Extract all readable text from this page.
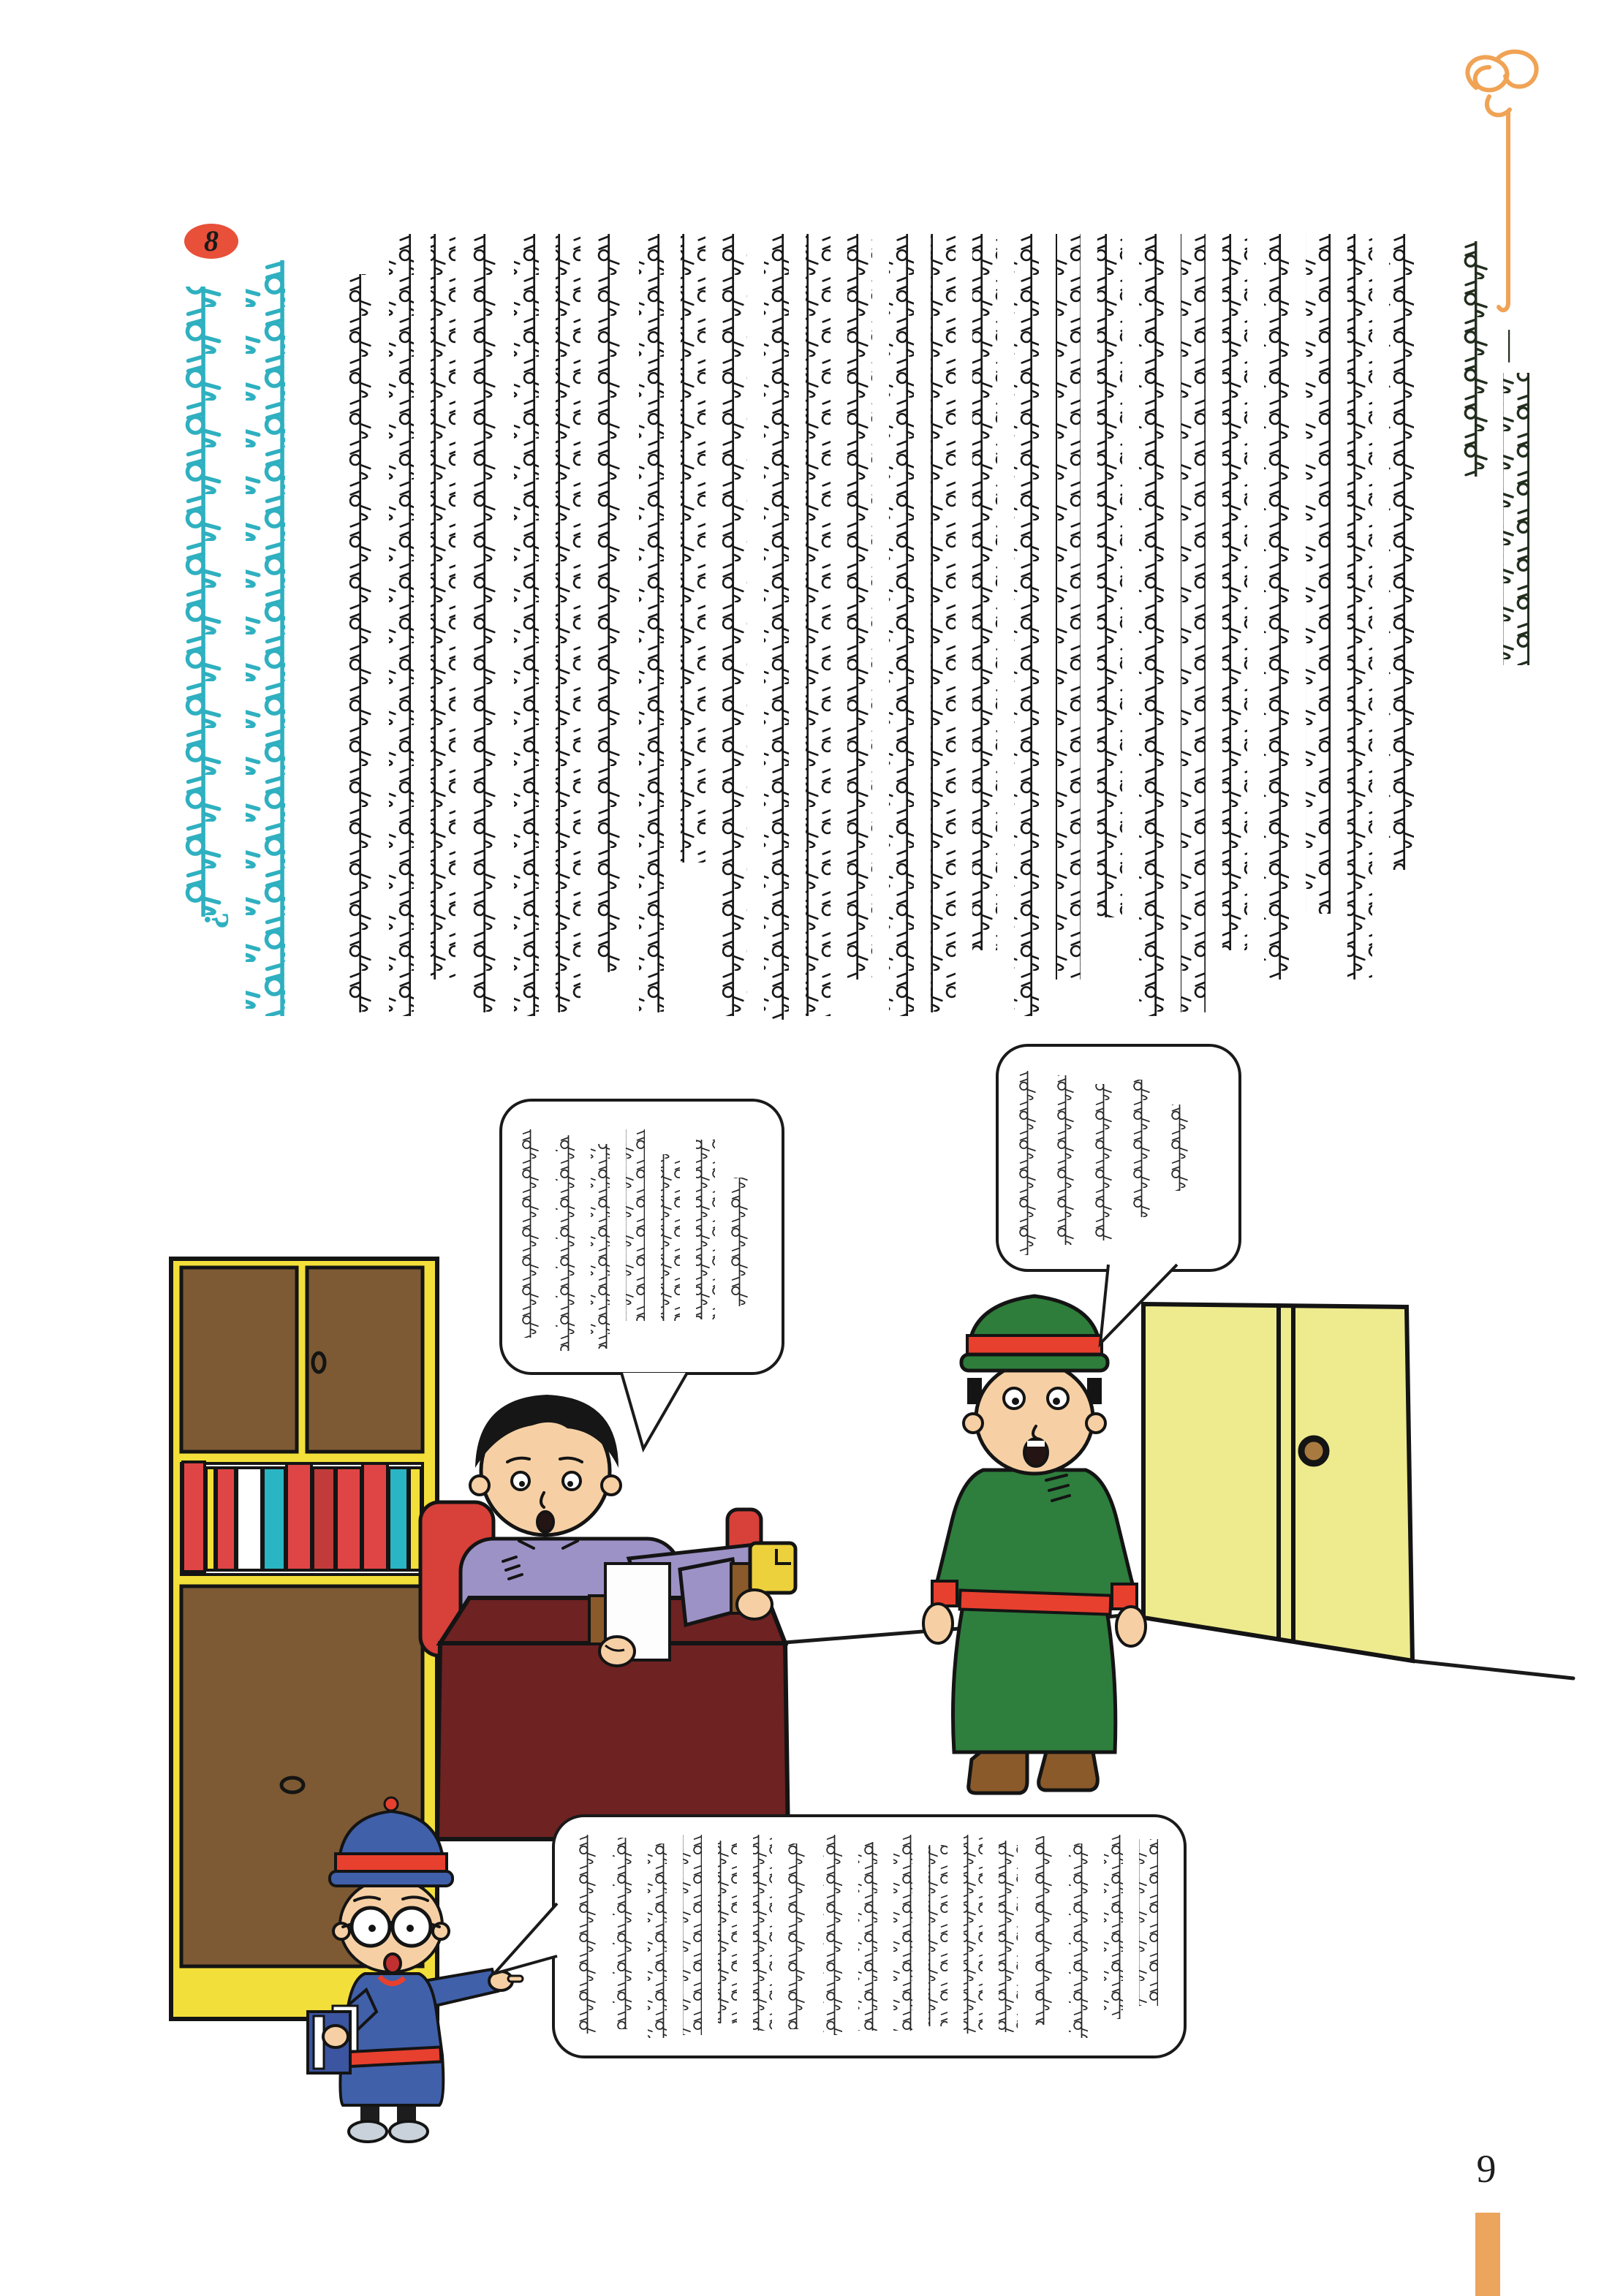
—
8
?
9
